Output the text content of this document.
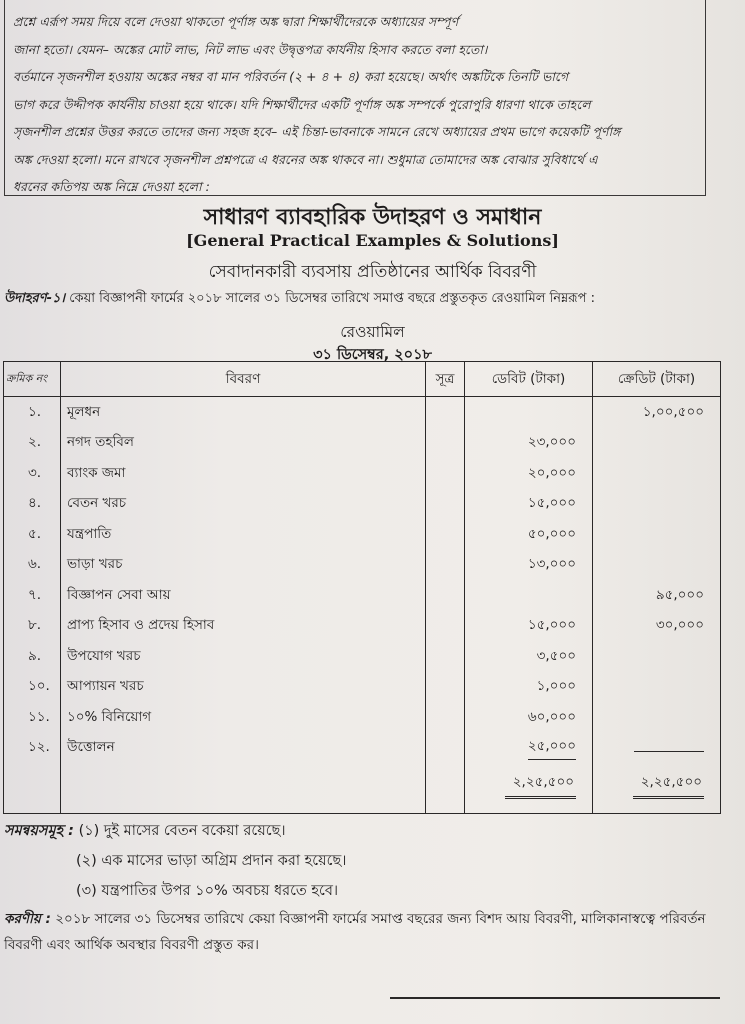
প্রশ্নে এর্রূপ সময় দিয়ে বলে দেওয়া থাকতো পূর্ণাঙ্গ অঙ্ক দ্বারা শিক্ষার্থীদেরকে অধ্যায়ের সম্পূর্ণ
জানা হতো। যেমন– অঙ্কের মোট লাভ, নিট লাভ এবং উদ্বৃত্তপত্র কার্যনীয় হিসাব করতে বলা হতো।
বর্তমানে সৃজনশীল হওয়ায় অঙ্কের নম্বর বা মান পরিবর্তন (২ + ৪ + ৪) করা হয়েছে। অর্থাৎ অঙ্কটিকে তিনটি ভাগে
ভাগ করে উদ্দীপক কার্যনীয় চাওয়া হয়ে থাকে। যদি শিক্ষার্থীদের একটি পূর্ণাঙ্গ অঙ্ক সম্পর্কে পুরোপুরি ধারণা থাকে তাহলে
সৃজনশীল প্রশ্নের উত্তর করতে তাদের জন্য সহজ হবে– এই চিন্তা-ভাবনাকে সামনে রেখে অধ্যায়ের প্রথম ভাগে কয়েকটি পূর্ণাঙ্গ
অঙ্ক দেওয়া হলো। মনে রাখবে সৃজনশীল প্রশ্নপত্রে এ ধরনের অঙ্ক থাকবে না। শুধুমাত্র তোমাদের অঙ্ক বোঝার সুবিধার্থে এ
ধরনের কতিপয় অঙ্ক নিম্নে দেওয়া হলো :
সাধারণ ব্যাবহারিক উদাহরণ ও সমাধান
[General Practical Examples & Solutions]
সেবাদানকারী ব্যবসায় প্রতিষ্ঠানের আর্থিক বিবরণী
উদাহরণ-১। কেয়া বিজ্ঞাপনী ফার্মের ২০১৮ সালের ৩১ ডিসেম্বর তারিখে সমাপ্ত বছরে প্রস্তুতকৃত রেওয়ামিল নিম্নরূপ :
রেওয়ামিল
৩১ ডিসেম্বর, ২০১৮
ক্রমিক নং	বিবরণ	সূত্র	ডেবিট (টাকা)	ক্রেডিট (টাকা)
১.	মূলধন			১,০০,৫০০
২.	নগদ তহবিল		২৩,০০০	
৩.	ব্যাংক জমা		২০,০০০	
৪.	বেতন খরচ		১৫,০০০	
৫.	যন্ত্রপাতি		৫০,০০০	
৬.	ভাড়া খরচ		১৩,০০০	
৭.	বিজ্ঞাপন সেবা আয়			৯৫,০০০
৮.	প্রাপ্য হিসাব ও প্রদেয় হিসাব		১৫,০০০	৩০,০০০
৯.	উপযোগ খরচ		৩,৫০০	
১০.	আপ্যায়ন খরচ		১,০০০	
১১.	১০% বিনিয়োগ		৬০,০০০	
১২.	উত্তোলন		২৫,০০০	
			২,২৫,৫০০	২,২৫,৫০০
সমন্বয়সমূহ : (১) দুই মাসের বেতন বকেয়া রয়েছে।
(২) এক মাসের ভাড়া অগ্রিম প্রদান করা হয়েছে।
(৩) যন্ত্রপাতির উপর ১০% অবচয় ধরতে হবে।
করণীয় : ২০১৮ সালের ৩১ ডিসেম্বর তারিখে কেয়া বিজ্ঞাপনী ফার্মের সমাপ্ত বছরের জন্য বিশদ আয় বিবরণী, মালিকানাস্বত্বে পরিবর্তন বিবরণী এবং আর্থিক অবস্থার বিবরণী প্রস্তুত কর।
